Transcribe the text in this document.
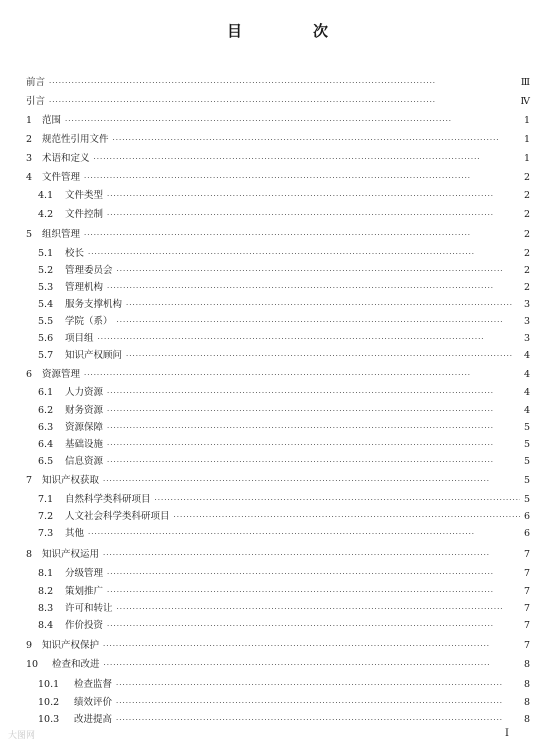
目　次
前言 ·····	Ⅲ
引言 ·····	Ⅳ
1	范围 ·····	1
2	规范性引用文件 ·····	1
3	术语和定义 ·····	1
4	文件管理 ·····	2
4.1	文件类型 ·····	2
4.2	文件控制 ·····	2
5	组织管理 ·····	2
5.1	校长 ·····	2
5.2	管理委员会 ·····	2
5.3	管理机构 ·····	2
5.4	服务支撑机构 ·····	3
5.5	学院（系） ·····	3
5.6	项目组 ·····	3
5.7	知识产权顾问 ·····	4
6	资源管理 ·····	4
6.1	人力资源 ·····	4
6.2	财务资源 ·····	4
6.3	资源保障 ·····	5
6.4	基础设施 ·····	5
6.5	信息资源 ·····	5
7	知识产权获取 ·····	5
7.1	自然科学类科研项目 ·····	5
7.2	人文社会科学类科研项目 ·····	6
7.3	其他 ·····	6
8	知识产权运用 ·····	7
8.1	分级管理 ·····	7
8.2	策划推广 ·····	7
8.3	许可和转让 ·····	7
8.4	作价投资 ·····	7
9	知识产权保护 ·····	7
10	检查和改进 ·····	8
10.1	检查监督 ·····	8
10.2	绩效评价 ·····	8
10.3	改进提高 ·····	8
大图网	I
